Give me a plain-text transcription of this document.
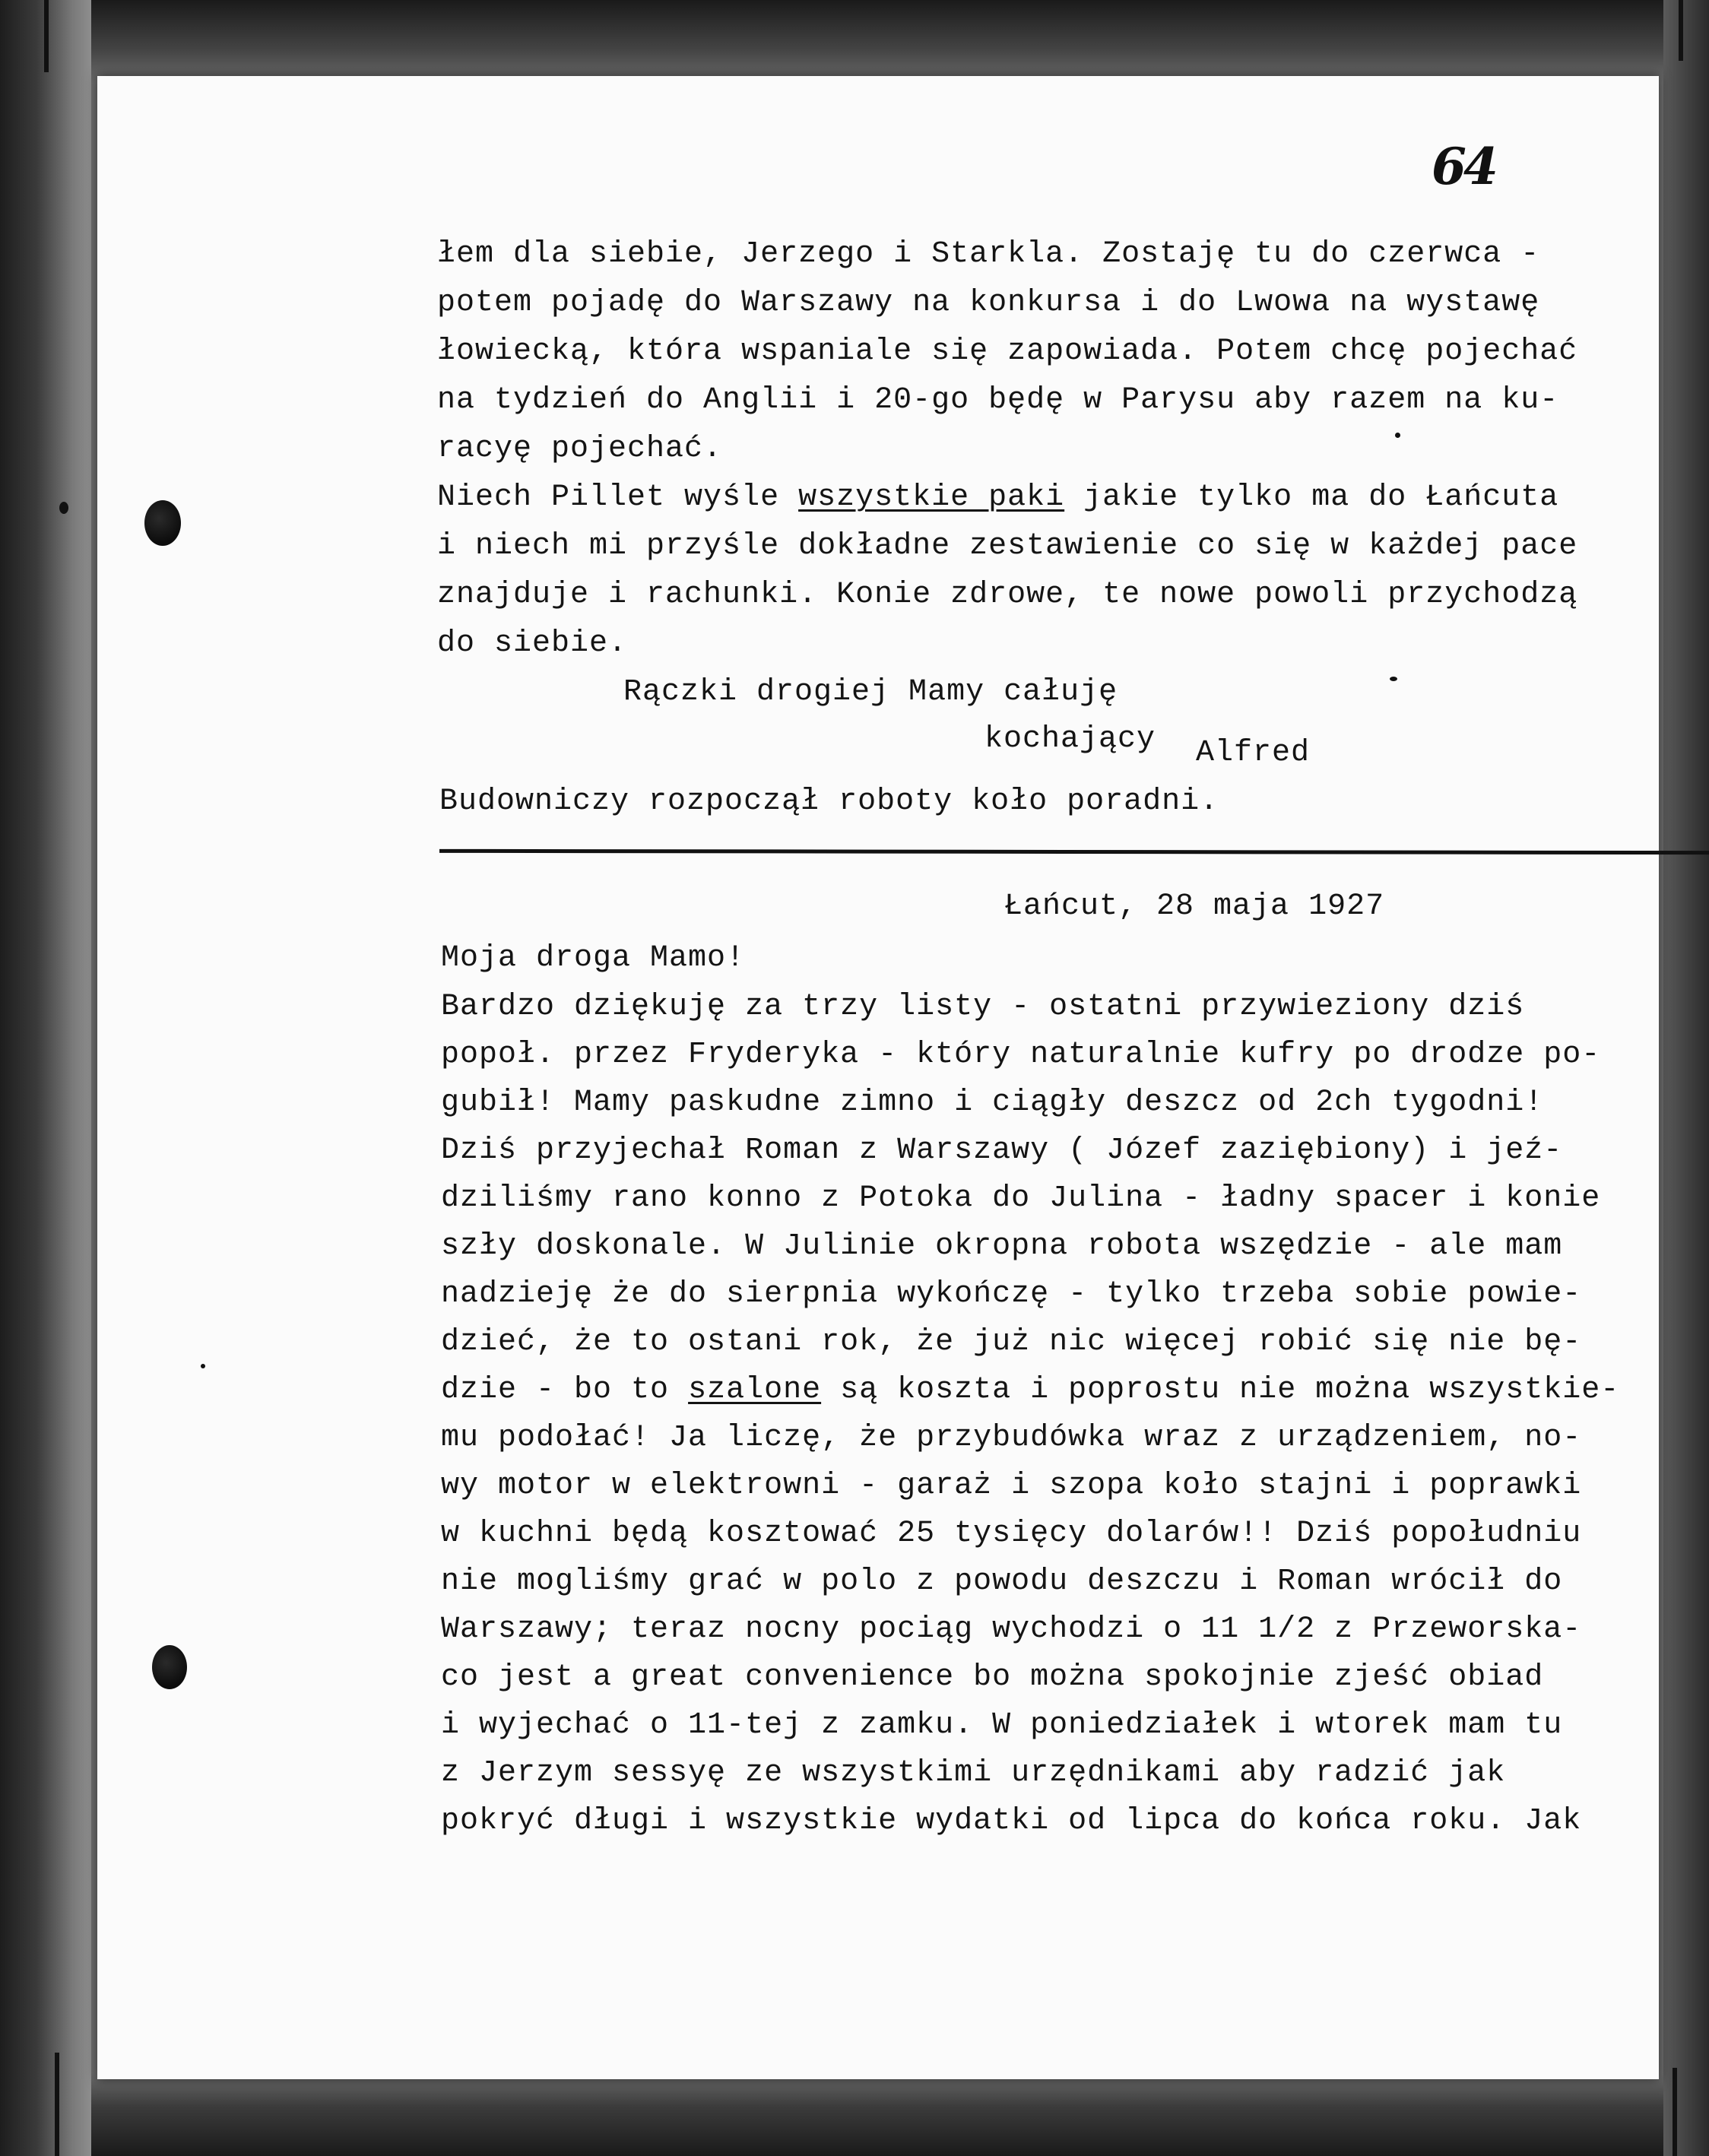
64
łem dla siebie, Jerzego i Starkla. Zostaję tu do czerwca -
potem pojadę do Warszawy na konkursa i do Lwowa na wystawę
łowiecką, która wspaniale się zapowiada. Potem chcę pojechać
na tydzień do Anglii i 20-go będę w Parysu aby razem na ku-
racyę pojechać.
Niech Pillet wyśle wszystkie paki jakie tylko ma do Łańcuta
i niech mi przyśle dokładne zestawienie co się w każdej pace
znajduje i rachunki. Konie zdrowe, te nowe powoli przychodzą
do siebie.
Rączki drogiej Mamy całuję
kochający Alfred
Budowniczy rozpoczął roboty koło poradni.
Łańcut, 28 maja 1927
Moja droga Mamo!
Bardzo dziękuję za trzy listy - ostatni przywieziony dziś
popoł. przez Fryderyka - który naturalnie kufry po drodze po-
gubił! Mamy paskudne zimno i ciągły deszcz od 2ch tygodni!
Dziś przyjechał Roman z Warszawy ( Józef zaziębiony) i jeź-
dziliśmy rano konno z Potoka do Julina - ładny spacer i konie
szły doskonale. W Julinie okropna robota wszędzie - ale mam
nadzieję że do sierpnia wykończę - tylko trzeba sobie powie-
dzieć, że to ostani rok, że już nic więcej robić się nie bę-
dzie - bo to szalone są koszta i poprostu nie można wszystkie-
mu podołać! Ja liczę, że przybudówka wraz z urządzeniem, no-
wy motor w elektrowni - garaż i szopa koło stajni i poprawki
w kuchni będą kosztować 25 tysięcy dolarów!! Dziś popołudniu
nie mogliśmy grać w polo z powodu deszczu i Roman wrócił do
Warszawy; teraz nocny pociąg wychodzi o 11 1/2 z Przeworska-
co jest a great convenience bo można spokojnie zjeść obiad
i wyjechać o 11-tej z zamku. W poniedziałek i wtorek mam tu
z Jerzym sessyę ze wszystkimi urzędnikami aby radzić jak
pokryć długi i wszystkie wydatki od lipca do końca roku. Jak
